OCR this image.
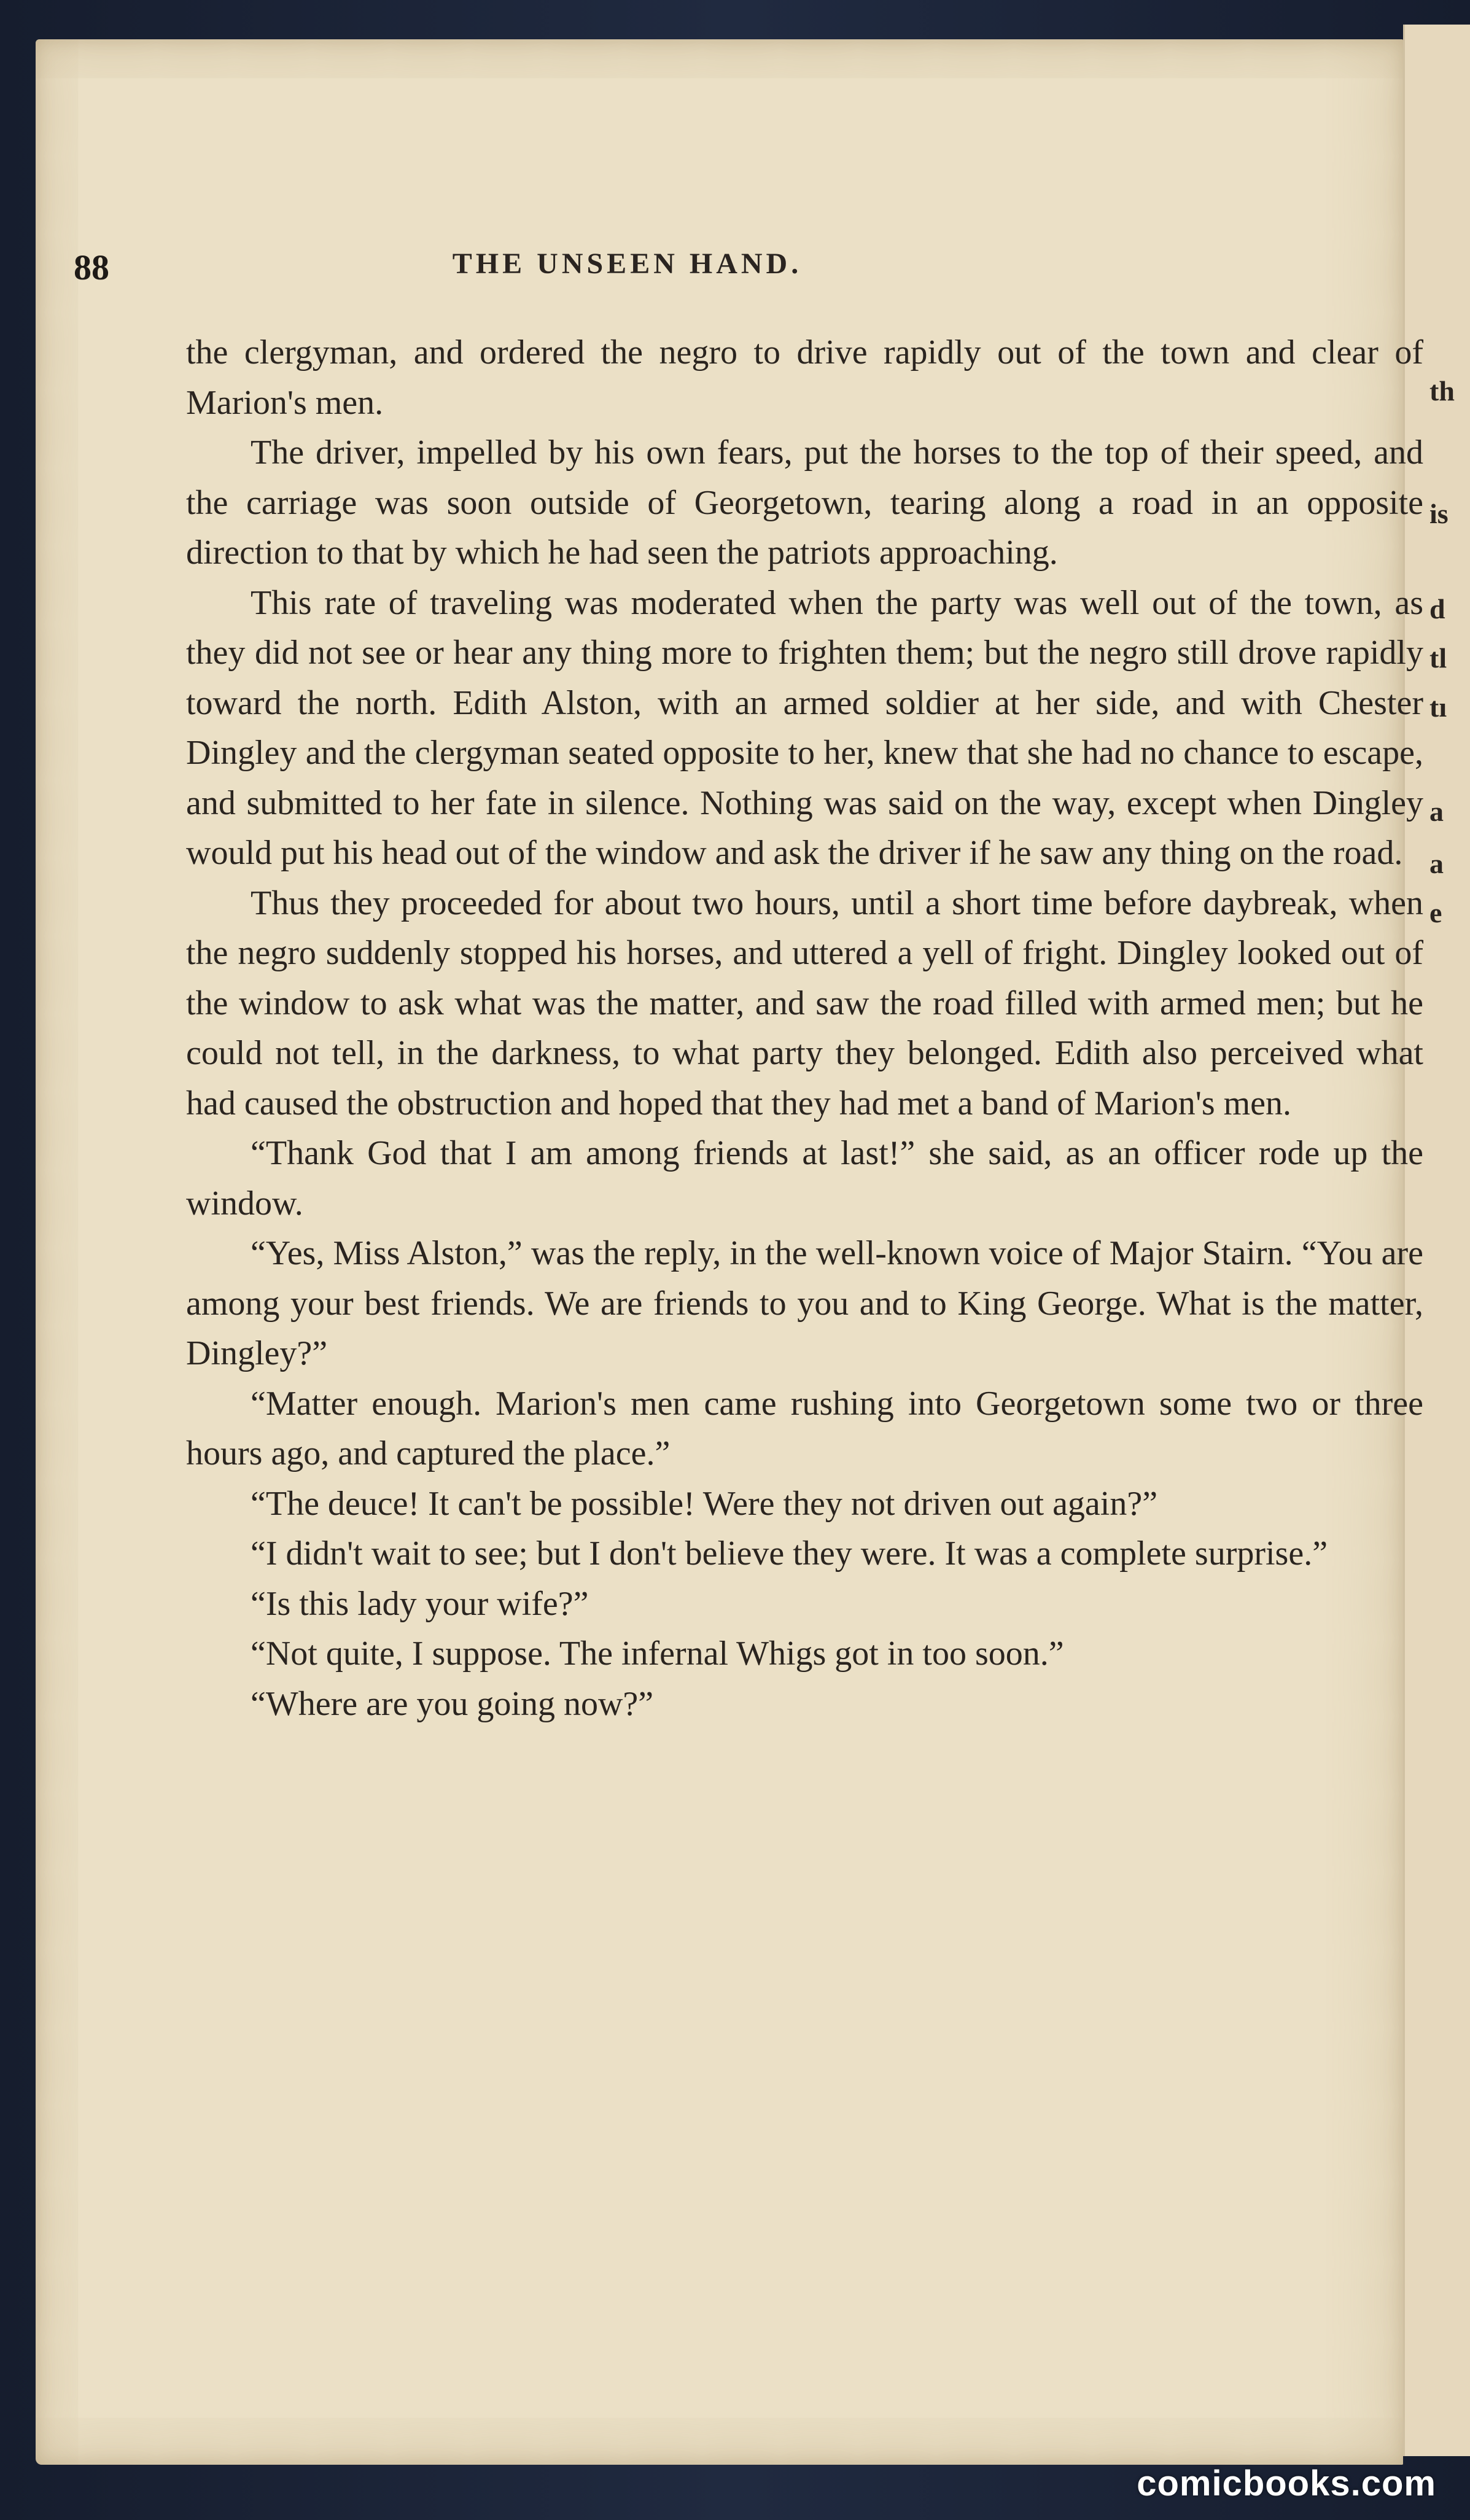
th
is
d
tl
tı
a
a
e
88	THE UNSEEN HAND.

the clergyman, and ordered the negro to drive rapidly out of the town and clear of Marion's men.

The driver, impelled by his own fears, put the horses to the top of their speed, and the carriage was soon outside of Georgetown, tearing along a road in an opposite direction to that by which he had seen the patriots approaching.

This rate of traveling was moderated when the party was well out of the town, as they did not see or hear any thing more to frighten them; but the negro still drove rapidly toward the north. Edith Alston, with an armed soldier at her side, and with Chester Dingley and the clergyman seated opposite to her, knew that she had no chance to escape, and submitted to her fate in silence. Nothing was said on the way, except when Dingley would put his head out of the window and ask the driver if he saw any thing on the road.

Thus they proceeded for about two hours, until a short time before daybreak, when the negro suddenly stopped his horses, and uttered a yell of fright. Dingley looked out of the window to ask what was the matter, and saw the road filled with armed men; but he could not tell, in the darkness, to what party they belonged. Edith also perceived what had caused the obstruction and hoped that they had met a band of Marion's men.

“Thank God that I am among friends at last!” she said, as an officer rode up the window.

“Yes, Miss Alston,” was the reply, in the well-known voice of Major Stairn. “You are among your best friends. We are friends to you and to King George. What is the matter, Dingley?”

“Matter enough. Marion's men came rushing into Georgetown some two or three hours ago, and captured the place.”

“The deuce! It can't be possible! Were they not driven out again?”

“I didn't wait to see; but I don't believe they were. It was a complete surprise.”

“Is this lady your wife?”

“Not quite, I suppose. The infernal Whigs got in too soon.”

“Where are you going now?”

comicbooks.com
